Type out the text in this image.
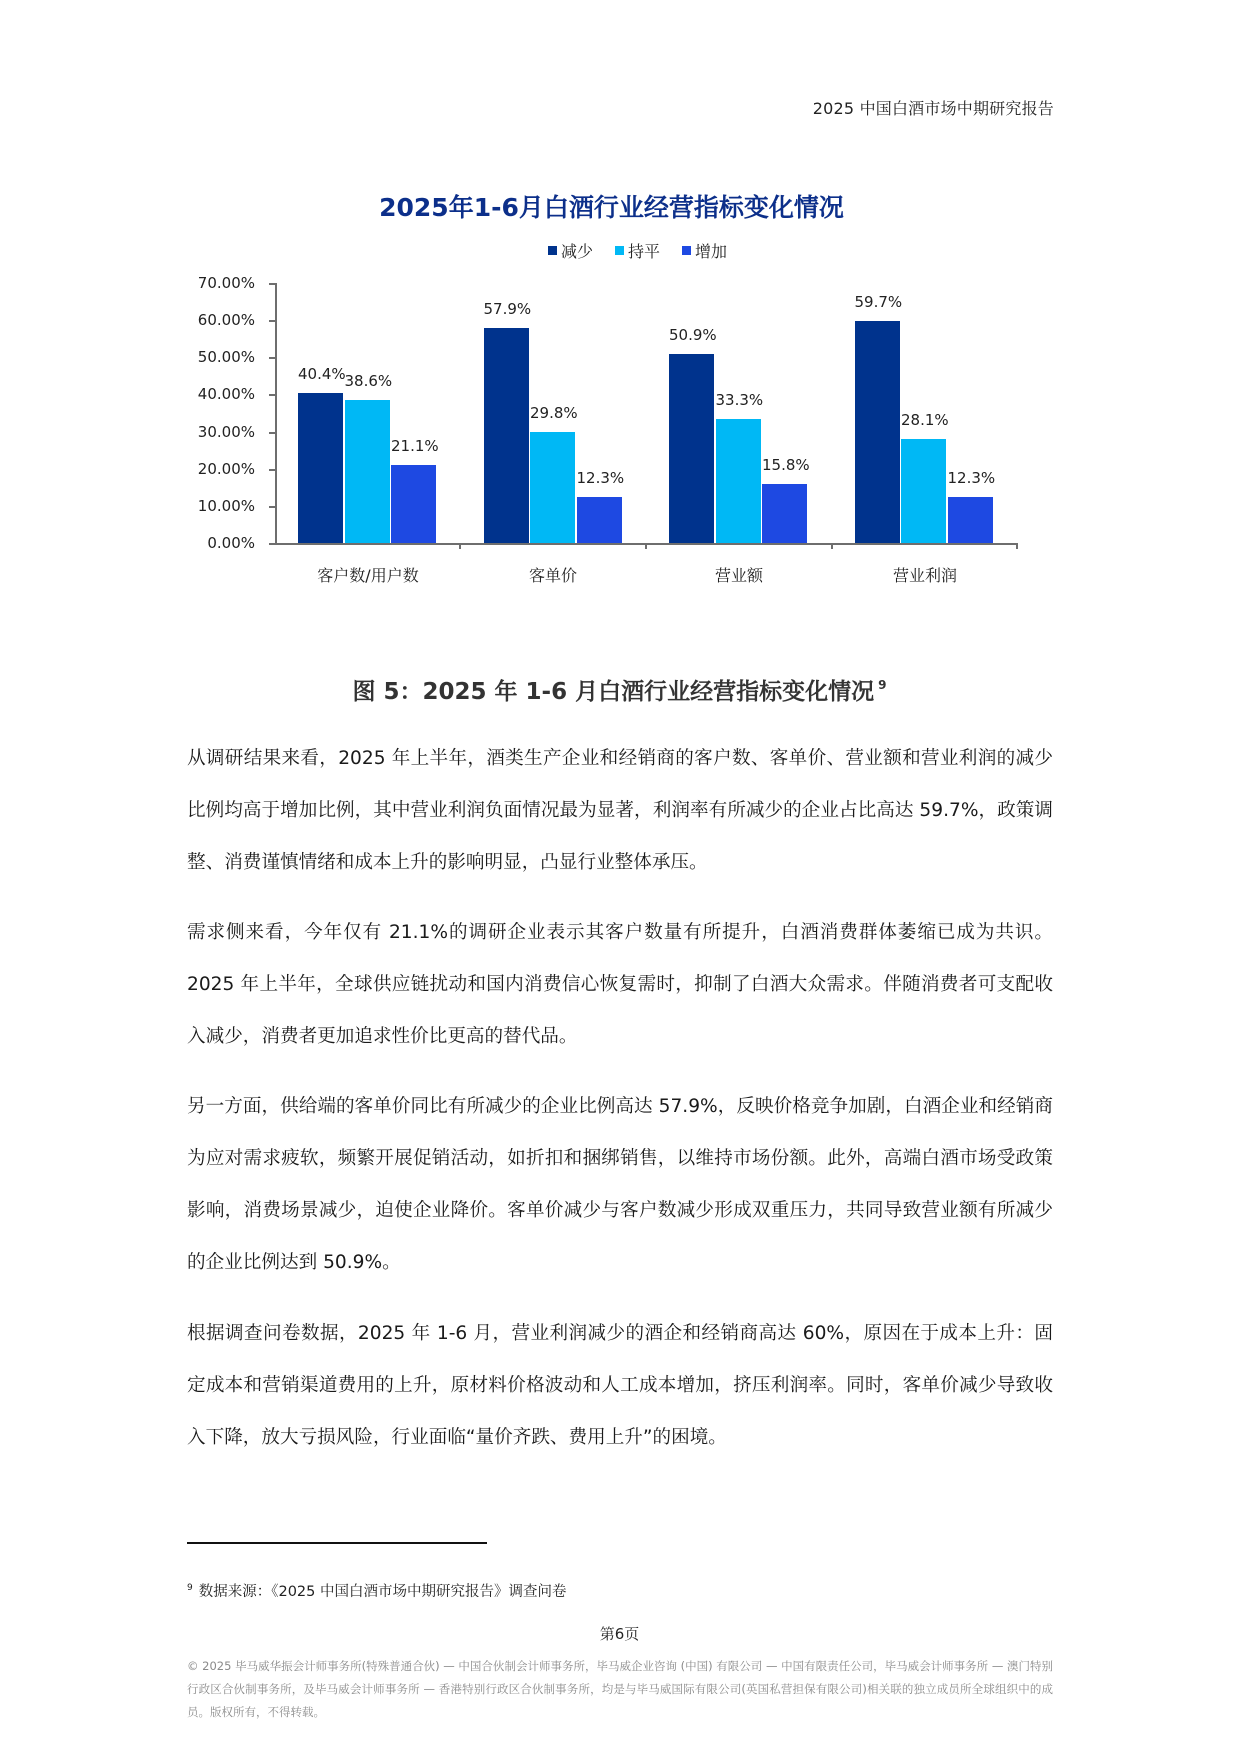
2025 中国白酒市场中期研究报告
2025年1-6月白酒行业经营指标变化情况
减少 持平 增加
70.00%
60.00%
50.00%
40.00%
30.00%
20.00%
10.00%
0.00%
客户数/用户数	客单价	营业额	营业利润
40.4%
38.6%
21.1%
57.9%
29.8%
12.3%
50.9%
33.3%
15.8%
59.7%
28.1%
12.3%
图 5：2025 年 1-6 月白酒行业经营指标变化情况 $^9$

从调研结果来看，2025 年上半年，酒类生产企业和经销商的客户数、客单价、营业额和营业利润的减少比例均高于增加比例，其中营业利润负面情况最为显著，利润率有所减少的企业占比高达 59.7%，政策调整、消费谨慎情绪和成本上升的影响明显，凸显行业整体承压。

需求侧来看，今年仅有 21.1%的调研企业表示其客户数量有所提升，白酒消费群体萎缩已成为共识。2025 年上半年，全球供应链扰动和国内消费信心恢复需时，抑制了白酒大众需求。伴随消费者可支配收入减少，消费者更加追求性价比更高的替代品。

另一方面，供给端的客单价同比有所减少的企业比例高达 57.9%，反映价格竞争加剧，白酒企业和经销商为应对需求疲软，频繁开展促销活动，如折扣和捆绑销售，以维持市场份额。此外，高端白酒市场受政策影响，消费场景减少，迫使企业降价。客单价减少与客户数减少形成双重压力，共同导致营业额有所减少的企业比例达到 50.9%。

根据调查问卷数据，2025 年 1-6 月，营业利润减少的酒企和经销商高达 60%，原因在于成本上升：固定成本和营销渠道费用的上升，原材料价格波动和人工成本增加，挤压利润率。同时，客单价减少导致收入下降，放大亏损风险，行业面临“量价齐跌、费用上升”的困境。

$^9$ 数据来源：《2025 中国白酒市场中期研究报告》调查问卷
第6页
© 2025 毕马威华振会计师事务所(特殊普通合伙) — 中国合伙制会计师事务所，毕马威企业咨询 (中国) 有限公司 — 中国有限责任公司，毕马威会计师事务所 — 澳门特别行政区合伙制事务所，及毕马威会计师事务所 — 香港特别行政区合伙制事务所，均是与毕马威国际有限公司(英国私营担保有限公司)相关联的独立成员所全球组织中的成员。版权所有，不得转载。
